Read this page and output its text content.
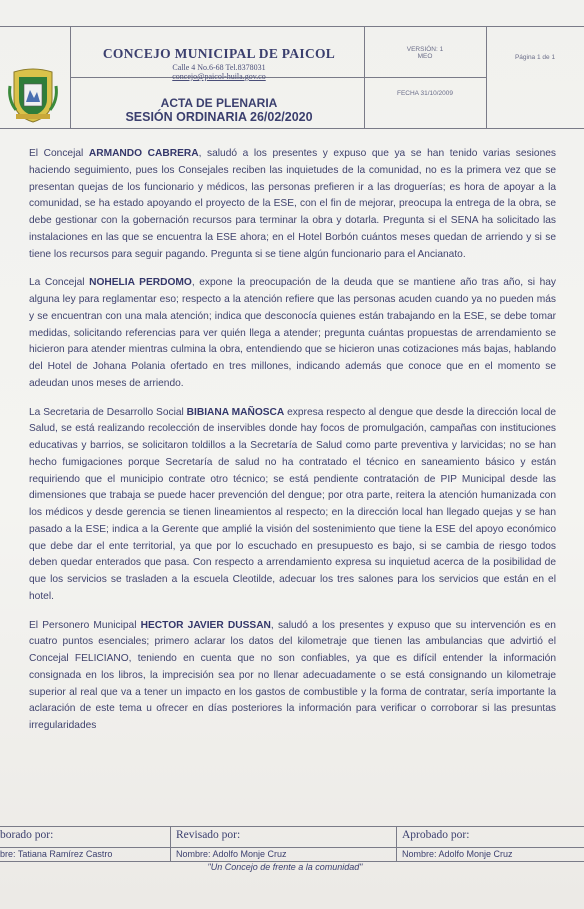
CONCEJO MUNICIPAL DE PAICOL
Calle 4 No.6-68 Tel.8378031
concejo@paicol-huila.gov.co
ACTA DE PLENARIA
SESIÓN ORDINARIA 26/02/2020
VERSIÓN: 1
MEO
FECHA 31/10/2009
Página 1 de 1

El Concejal ARMANDO CABRERA, saludó a los presentes y expuso que ya se han tenido varias sesiones haciendo seguimiento, pues los Consejales reciben las inquietudes de la comunidad, no es la primera vez que se presentan quejas de los funcionario y médicos, las personas prefieren ir a las droguerías; es hora de apoyar a la comunidad, se ha estado apoyando el proyecto de la ESE, con el fin de mejorar, preocupa la entrega de la obra, se debe gestionar con la gobernación recursos para terminar la obra y dotarla. Pregunta si el SENA ha solicitado las instalaciones en las que se encuentra la ESE ahora; en el Hotel Borbón cuántos meses quedan de arriendo y si se tiene los recursos para seguir pagando. Pregunta si se tiene algún funcionario para el Ancianato.

La Concejal NOHELIA PERDOMO, expone la preocupación de la deuda que se mantiene año tras año, si hay alguna ley para reglamentar eso; respecto a la atención refiere que las personas acuden cuando ya no pueden más y se encuentran con una mala atención; indica que desconocía quienes están trabajando en la ESE, se debe tomar medidas, solicitando referencias para ver quién llega a atender; pregunta cuántas propuestas de arrendamiento se hicieron para atender mientras culmina la obra, entendiendo que se hicieron unas cotizaciones más bajas, hablando del Hotel de Johana Polania ofertado en tres millones, indicando además que conoce que en el momento se adeudan unos meses de arriendo.

La Secretaria de Desarrollo Social BIBIANA MAÑOSCA expresa respecto al dengue que desde la dirección local de Salud, se está realizando recolección de inservibles donde hay focos de promulgación, campañas con instituciones educativas y barrios, se solicitaron toldillos a la Secretaría de Salud como parte preventiva y larvicidas; no se han hecho fumigaciones porque Secretaría de salud no ha contratado el técnico en saneamiento básico y están requiriendo que el municipio contrate otro técnico; se está pendiente contratación de PIP Municipal desde las dimensiones que trabaja se puede hacer prevención del dengue; por otra parte, reitera la atención humanizada con los médicos y desde gerencia se tienen lineamientos al respecto; en la dirección local han llegado quejas y se han pasado a la ESE; indica a la Gerente que amplié la visión del sostenimiento que tiene la ESE del apoyo económico que debe dar el ente territorial, ya que por lo escuchado en presupuesto es bajo, si se cambia de riesgo todos deben quedar enterados que pasa. Con respecto a arrendamiento expresa su inquietud acerca de la posibilidad de que los servicios se trasladen a la escuela Cleotilde, adecuar los tres salones para los servicios que están en el hotel.

El Personero Municipal HECTOR JAVIER DUSSAN, saludó a los presentes y expuso que su intervención es en cuatro puntos esenciales; primero aclarar los datos del kilometraje que tienen las ambulancias que advirtió el Concejal FELICIANO, teniendo en cuenta que no son confiables, ya que es difícil entender la información consignada en los libros, la imprecisión sea por no llenar adecuadamente o se está consignando un kilometraje superior al real que va a tener un impacto en los gastos de combustible y la forma de contratar, sería importante la aclaración de este tema u ofrecer en días posteriores la información para verificar o corroborar si las presuntas irregularidades

borado por:	Revisado por:	Aprobado por:
bre: Tatiana Ramírez Castro	Nombre: Adolfo Monje Cruz	Nombre: Adolfo Monje Cruz
"Un Concejo de frente a la comunidad"
